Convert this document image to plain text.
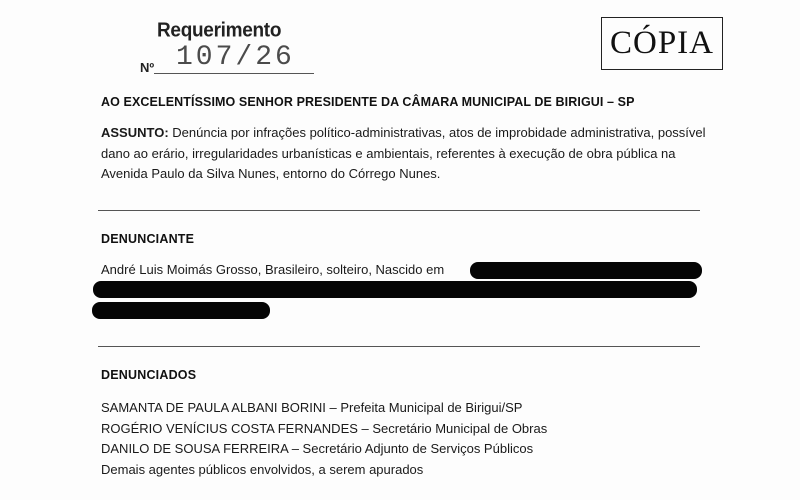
Requerimento
Nº 107/26	CÓPIA
AO EXCELENTÍSSIMO SENHOR PRESIDENTE DA CÂMARA MUNICIPAL DE BIRIGUI – SP

ASSUNTO: Denúncia por infrações político-administrativas, atos de improbidade administrativa, possível dano ao erário, irregularidades urbanísticas e ambientais, referentes à execução de obra pública na Avenida Paulo da Silva Nunes, entorno do Córrego Nunes.

DENUNCIANTE
André Luis Moimás Grosso, Brasileiro, solteiro, Nascido em
DENUNCIADOS
SAMANTA DE PAULA ALBANI BORINI – Prefeita Municipal de Birigui/SP
ROGÉRIO VENÍCIUS COSTA FERNANDES – Secretário Municipal de Obras
DANILO DE SOUSA FERREIRA – Secretário Adjunto de Serviços Públicos
Demais agentes públicos envolvidos, a serem apurados
